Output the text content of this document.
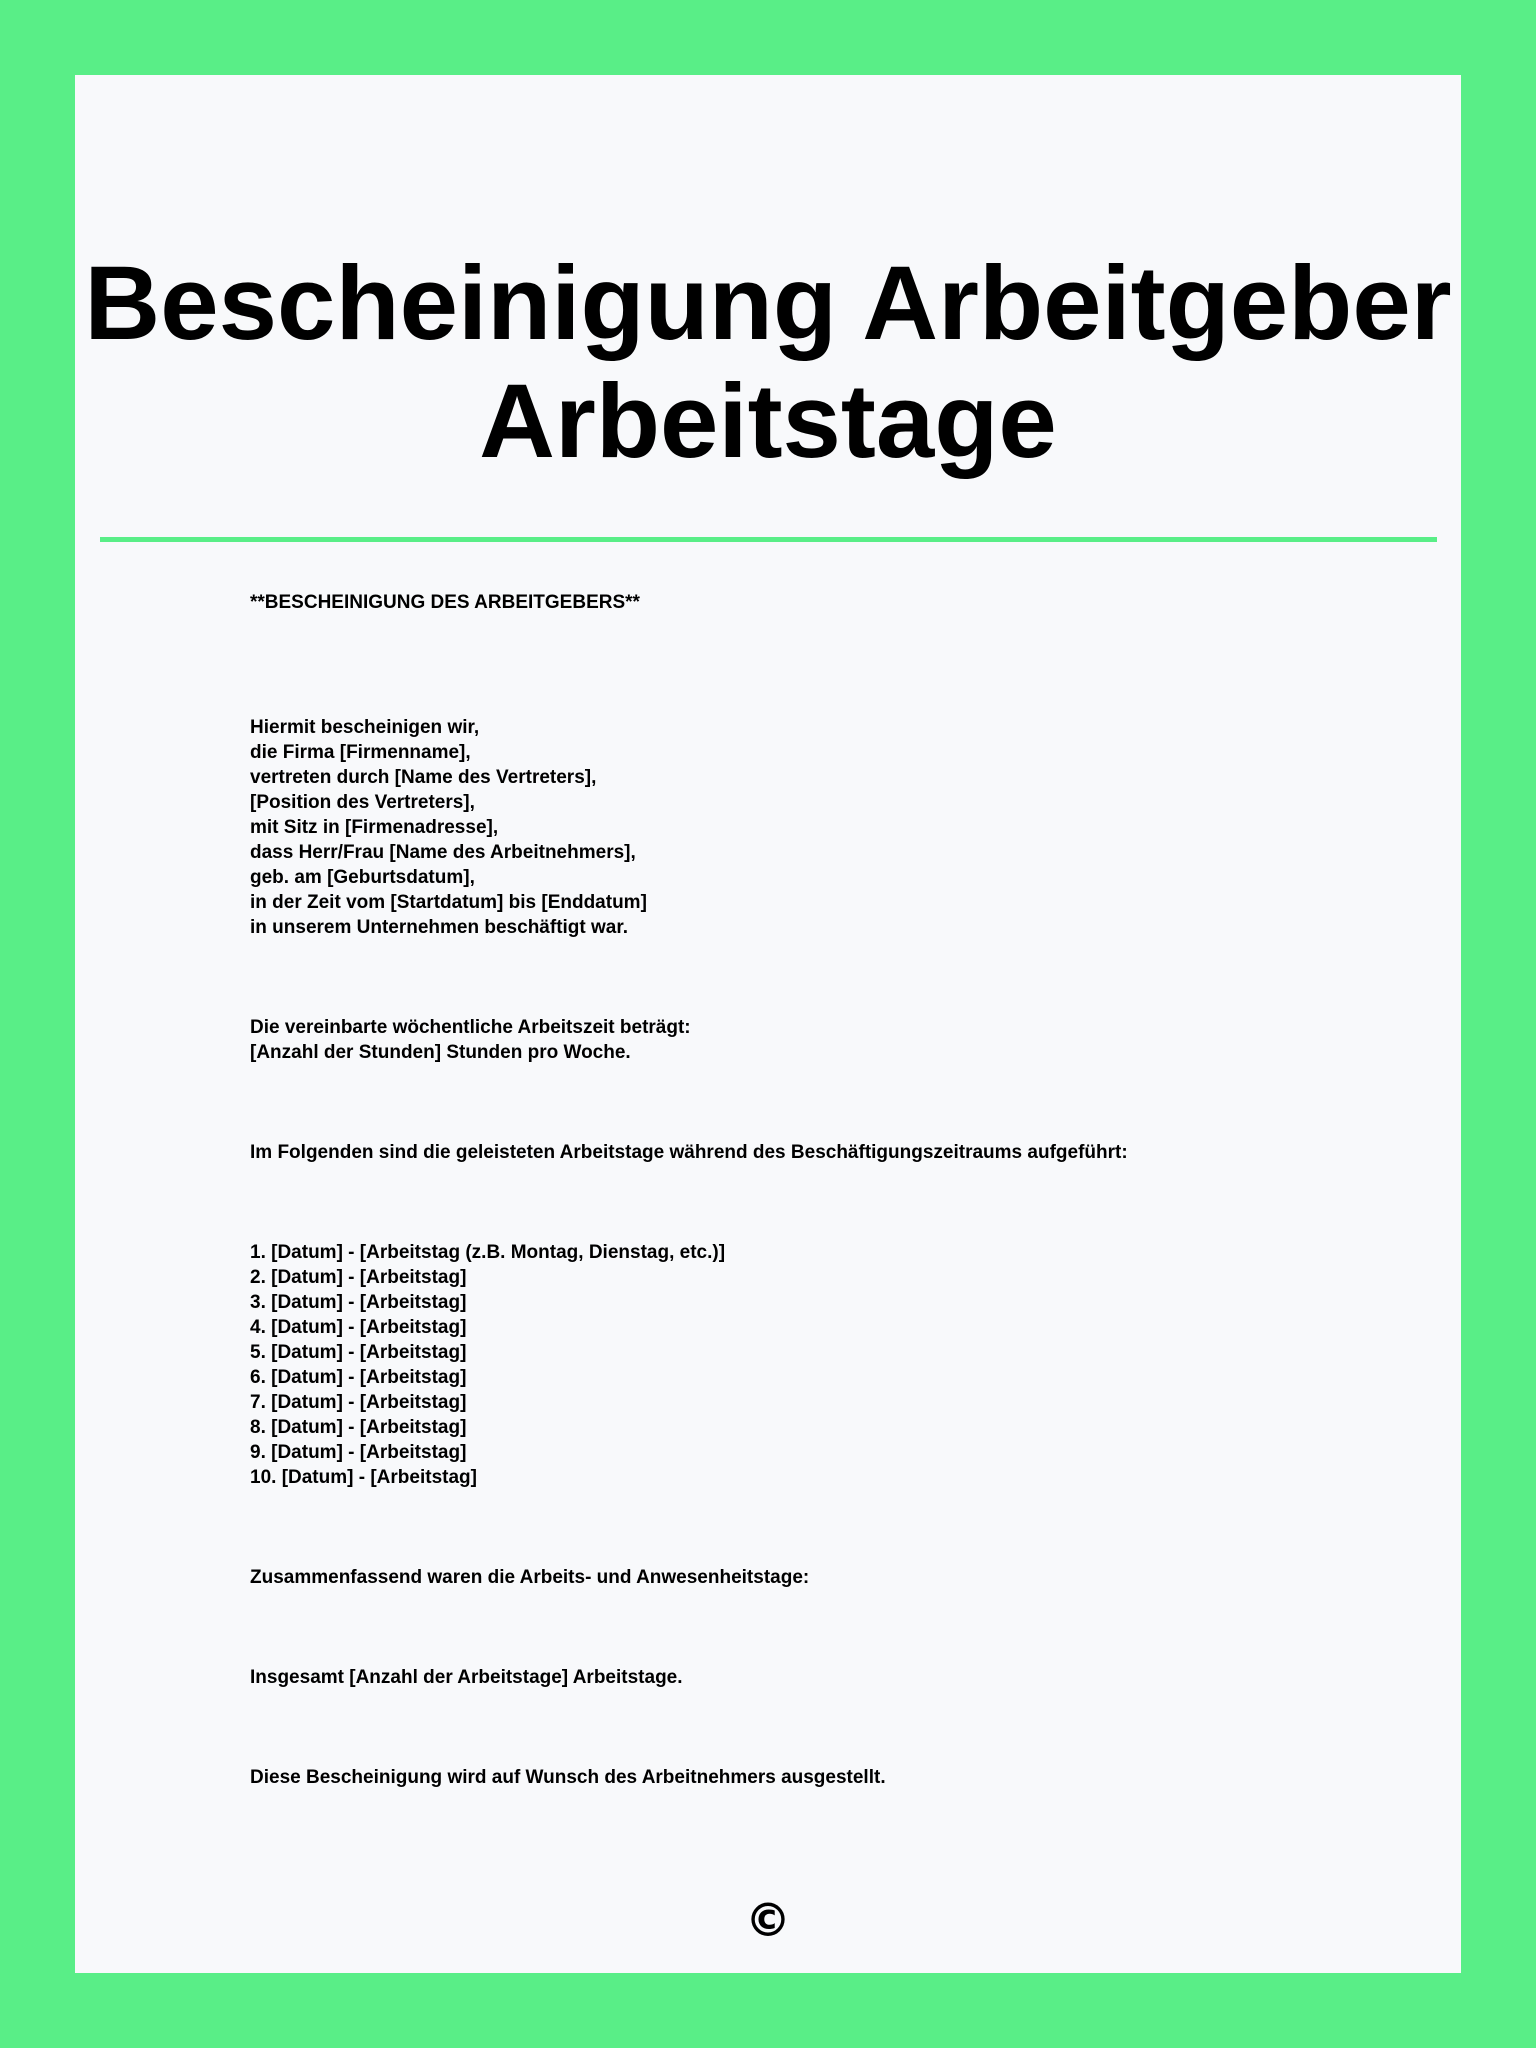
Bescheinigung Arbeitgeber
Arbeitstage

**BESCHEINIGUNG DES ARBEITGEBERS**

Hiermit bescheinigen wir,
die Firma [Firmenname],
vertreten durch [Name des Vertreters],
[Position des Vertreters],
mit Sitz in [Firmenadresse],
dass Herr/Frau [Name des Arbeitnehmers],
geb. am [Geburtsdatum],
in der Zeit vom [Startdatum] bis [Enddatum]
in unserem Unternehmen beschäftigt war.

Die vereinbarte wöchentliche Arbeitszeit beträgt:
[Anzahl der Stunden] Stunden pro Woche.

Im Folgenden sind die geleisteten Arbeitstage während des Beschäftigungszeitraums aufgeführt:

1. [Datum] - [Arbeitstag (z.B. Montag, Dienstag, etc.)]
2. [Datum] - [Arbeitstag]
3. [Datum] - [Arbeitstag]
4. [Datum] - [Arbeitstag]
5. [Datum] - [Arbeitstag]
6. [Datum] - [Arbeitstag]
7. [Datum] - [Arbeitstag]
8. [Datum] - [Arbeitstag]
9. [Datum] - [Arbeitstag]
10. [Datum] - [Arbeitstag]

Zusammenfassend waren die Arbeits- und Anwesenheitstage:

Insgesamt [Anzahl der Arbeitstage] Arbeitstage.

Diese Bescheinigung wird auf Wunsch des Arbeitnehmers ausgestellt.

©
